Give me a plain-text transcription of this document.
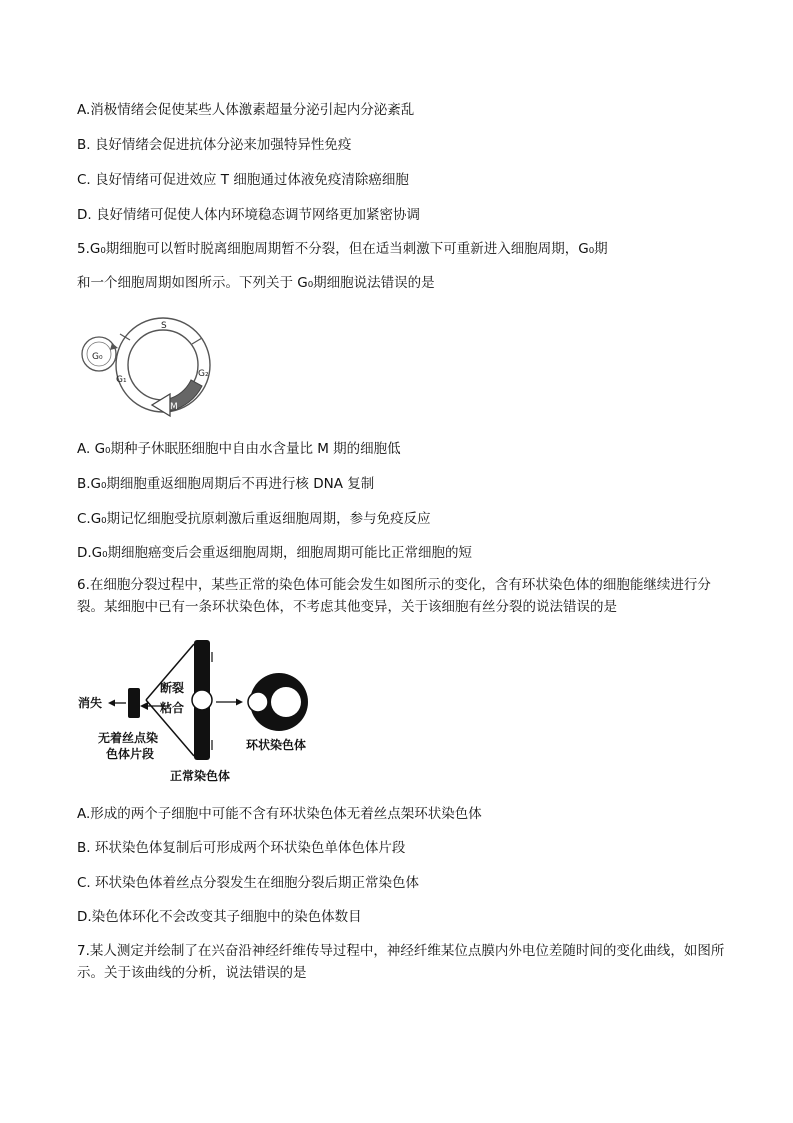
A.消极情绪会促使某些人体激素超量分泌引起内分泌紊乱
B. 良好情绪会促进抗体分泌来加强特异性免疫
C. 良好情绪可促进效应 T 细胞通过体液免疫清除癌细胞
D. 良好情绪可促使人体内环境稳态调节网络更加紧密协调
5.G₀期细胞可以暂时脱离细胞周期暂不分裂，但在适当刺激下可重新进入细胞周期，G₀期
和一个细胞周期如图所示。下列关于 G₀期细胞说法错误的是
G₀
S
G₁
G₂
M
A. G₀期种子休眠胚细胞中自由水含量比 M 期的细胞低
B.G₀期细胞重返细胞周期后不再进行核 DNA 复制
C.G₀期记忆细胞受抗原刺激后重返细胞周期，参与免疫反应
D.G₀期细胞癌变后会重返细胞周期，细胞周期可能比正常细胞的短
6.在细胞分裂过程中，某些正常的染色体可能会发生如图所示的变化，含有环状染色体的细胞能继续进行分裂。某细胞中已有一条环状染色体，不考虑其他变异，关于该细胞有丝分裂的说法错误的是
消失
断裂
粘合
无着丝点染
色体片段
正常染色体
环状染色体
A.形成的两个子细胞中可能不含有环状染色体无着丝点架环状染色体
B. 环状染色体复制后可形成两个环状染色单体色体片段
C. 环状染色体着丝点分裂发生在细胞分裂后期正常染色体
D.染色体环化不会改变其子细胞中的染色体数目
7.某人测定并绘制了在兴奋沿神经纤维传导过程中，神经纤维某位点膜内外电位差随时间的变化曲线，如图所示。关于该曲线的分析，说法错误的是
